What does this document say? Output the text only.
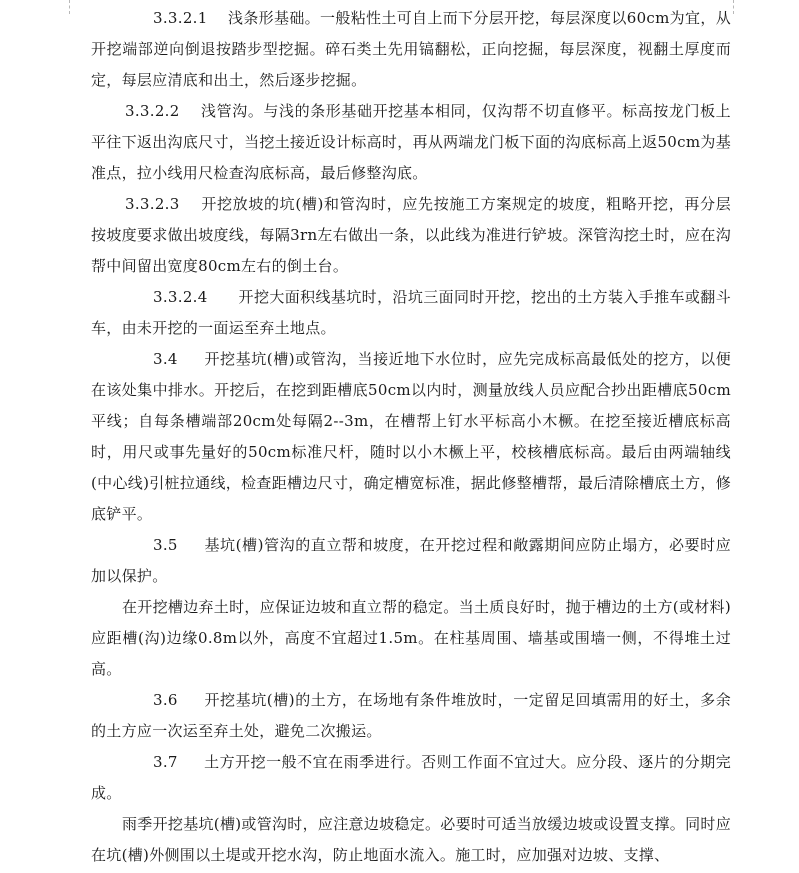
3.3.2.1 浅条形基础。一般粘性土可自上而下分层开挖，每层深度以60cm为宜，从开挖端部逆向倒退按踏步型挖掘。碎石类土先用镐翻松，正向挖掘，每层深度，视翻土厚度而定，每层应清底和出土，然后逐步挖掘。

3.3.2.2 浅管沟。与浅的条形基础开挖基本相同，仅沟帮不切直修平。标高按龙门板上平往下返出沟底尺寸，当挖土接近设计标高时，再从两端龙门板下面的沟底标高上返50cm为基准点，拉小线用尺检查沟底标高，最后修整沟底。

3.3.2.3 开挖放坡的坑(槽)和管沟时，应先按施工方案规定的坡度，粗略开挖，再分层按坡度要求做出坡度线，每隔3rn左右做出一条，以此线为准进行铲坡。深管沟挖土时，应在沟帮中间留出宽度80cm左右的倒土台。

3.3.2.4 开挖大面积线基坑时，沿坑三面同时开挖，挖出的土方装入手推车或翻斗车，由未开挖的一面运至弃土地点。

3.4 开挖基坑(槽)或管沟，当接近地下水位时，应先完成标高最低处的挖方，以便在该处集中排水。开挖后，在挖到距槽底50cm以内时，测量放线人员应配合抄出距槽底50cm平线；自每条槽端部20cm处每隔2--3m，在槽帮上钉水平标高小木橛。在挖至接近槽底标高时，用尺或事先量好的50cm标准尺杆，随时以小木橛上平，校核槽底标高。最后由两端轴线(中心线)引桩拉通线，检查距槽边尺寸，确定槽宽标准，据此修整槽帮，最后清除槽底土方，修底铲平。

3.5 基坑(槽)管沟的直立帮和坡度，在开挖过程和敞露期间应防止塌方，必要时应加以保护。

在开挖槽边弃土时，应保证边坡和直立帮的稳定。当土质良好时，抛于槽边的土方(或材料)应距槽(沟)边缘0.8m以外，高度不宜超过1.5m。在柱基周围、墙基或围墙一侧，不得堆土过高。

3.6 开挖基坑(槽)的土方，在场地有条件堆放时，一定留足回填需用的好土，多余的土方应一次运至弃土处，避免二次搬运。

3.7 土方开挖一般不宜在雨季进行。否则工作面不宜过大。应分段、逐片的分期完成。

雨季开挖基坑(槽)或管沟时，应注意边坡稳定。必要时可适当放缓边坡或设置支撑。同时应在坑(槽)外侧围以土堤或开挖水沟，防止地面水流入。施工时，应加强对边坡、支撑、
